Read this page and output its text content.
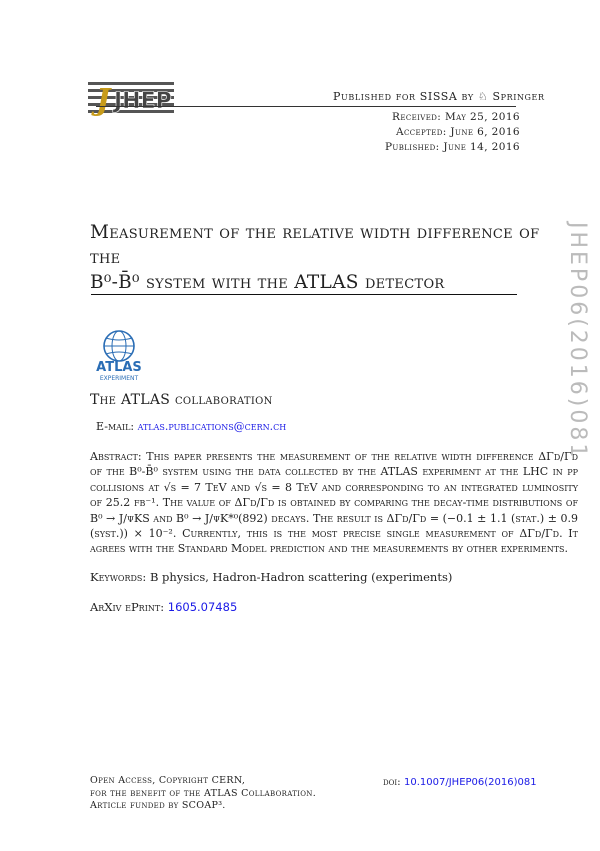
J JHEP	Published for SISSA by ♘ Springer
Received: May 25, 2016
Accepted: June 6, 2016
Published: June 14, 2016
Measurement of the relative width difference of the
B⁰-B̄⁰ system with the ATLAS detector
ATLAS
EXPERIMENT
The ATLAS collaboration
E-mail: atlas.publications@cern.ch
Abstract: This paper presents the measurement of the relative width difference ΔΓd/Γd of the B⁰-B̄⁰ system using the data collected by the ATLAS experiment at the LHC in pp collisions at √s = 7 TeV and √s = 8 TeV and corresponding to an integrated luminosity of 25.2 fb⁻¹. The value of ΔΓd/Γd is obtained by comparing the decay-time distributions of B⁰ → J/ψKS and B⁰ → J/ψK*⁰(892) decays. The result is ΔΓd/Γd = (−0.1 ± 1.1 (stat.) ± 0.9 (syst.)) × 10⁻². Currently, this is the most precise single measurement of ΔΓd/Γd. It agrees with the Standard Model prediction and the measurements by other experiments.
Keywords: B physics, Hadron-Hadron scattering (experiments)
ArXiv ePrint: 1605.07485
JHEP06(2016)081
Open Access, Copyright CERN,
for the benefit of the ATLAS Collaboration.
Article funded by SCOAP³.
doi: 10.1007/JHEP06(2016)081
